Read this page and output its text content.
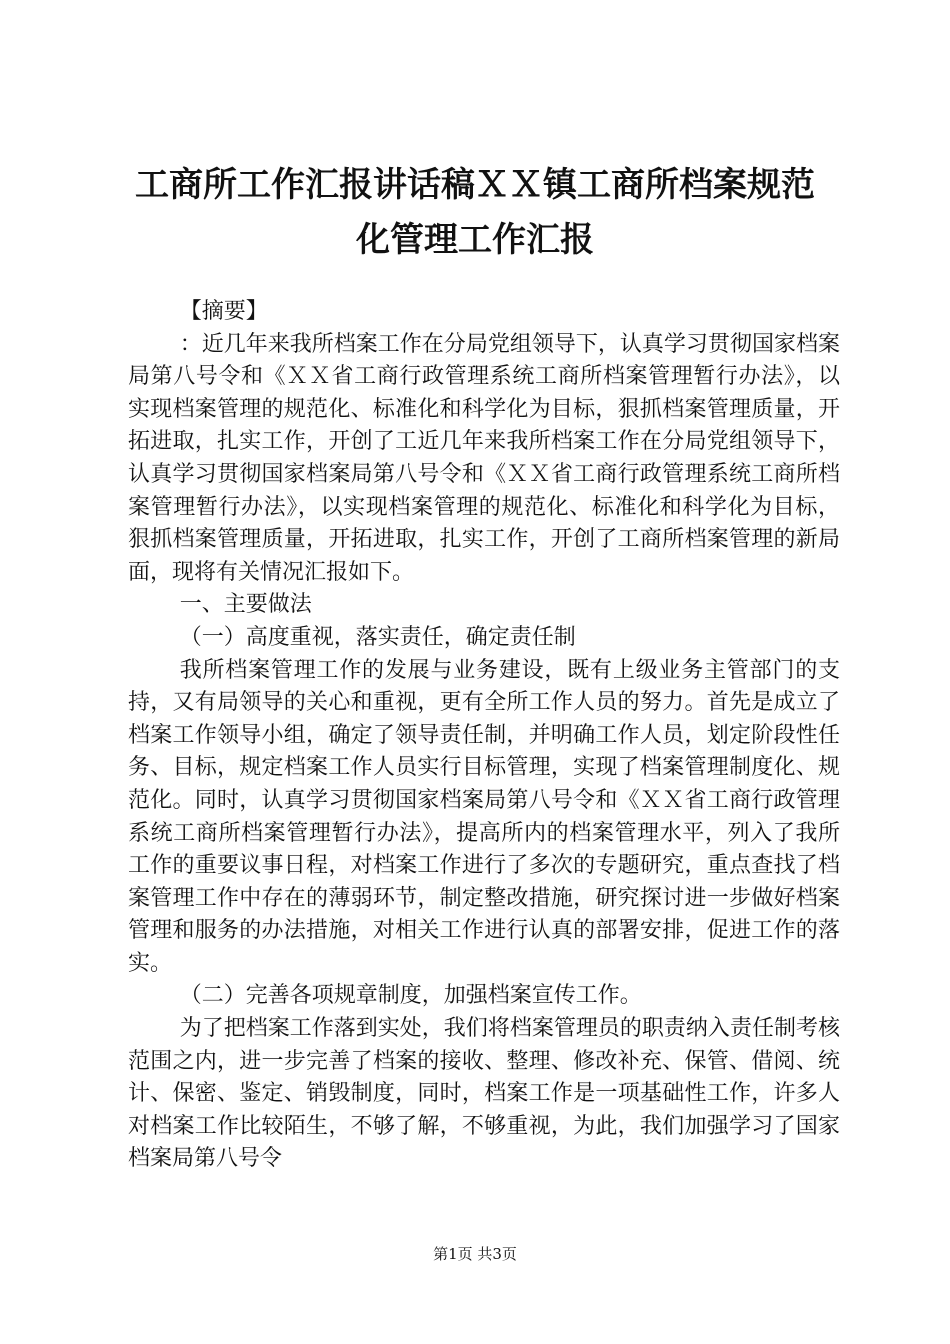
工商所工作汇报讲话稿ＸＸ镇工商所档案规范
化管理工作汇报

【摘要】

：近几年来我所档案工作在分局党组领导下，认真学习贯彻国家档案局第八号令和《ＸＸ省工商行政管理系统工商所档案管理暂行办法》，以实现档案管理的规范化、标准化和科学化为目标，狠抓档案管理质量，开拓进取，扎实工作，开创了工近几年来我所档案工作在分局党组领导下，认真学习贯彻国家档案局第八号令和《ＸＸ省工商行政管理系统工商所档案管理暂行办法》，以实现档案管理的规范化、标准化和科学化为目标，狠抓档案管理质量，开拓进取，扎实工作，开创了工商所档案管理的新局面，现将有关情况汇报如下。

一、主要做法

（一）高度重视，落实责任，确定责任制

我所档案管理工作的发展与业务建设，既有上级业务主管部门的支持，又有局领导的关心和重视，更有全所工作人员的努力。首先是成立了档案工作领导小组，确定了领导责任制，并明确工作人员，划定阶段性任务、目标，规定档案工作人员实行目标管理，实现了档案管理制度化、规范化。同时，认真学习贯彻国家档案局第八号令和《ＸＸ省工商行政管理系统工商所档案管理暂行办法》，提高所内的档案管理水平，列入了我所工作的重要议事日程，对档案工作进行了多次的专题研究，重点查找了档案管理工作中存在的薄弱环节，制定整改措施，研究探讨进一步做好档案管理和服务的办法措施，对相关工作进行认真的部署安排，促进工作的落实。

（二）完善各项规章制度，加强档案宣传工作。

为了把档案工作落到实处，我们将档案管理员的职责纳入责任制考核范围之内，进一步完善了档案的接收、整理、修改补充、保管、借阅、统计、保密、鉴定、销毁制度，同时，档案工作是一项基础性工作，许多人对档案工作比较陌生，不够了解，不够重视，为此，我们加强学习了国家档案局第八号令

第1页 共3页
